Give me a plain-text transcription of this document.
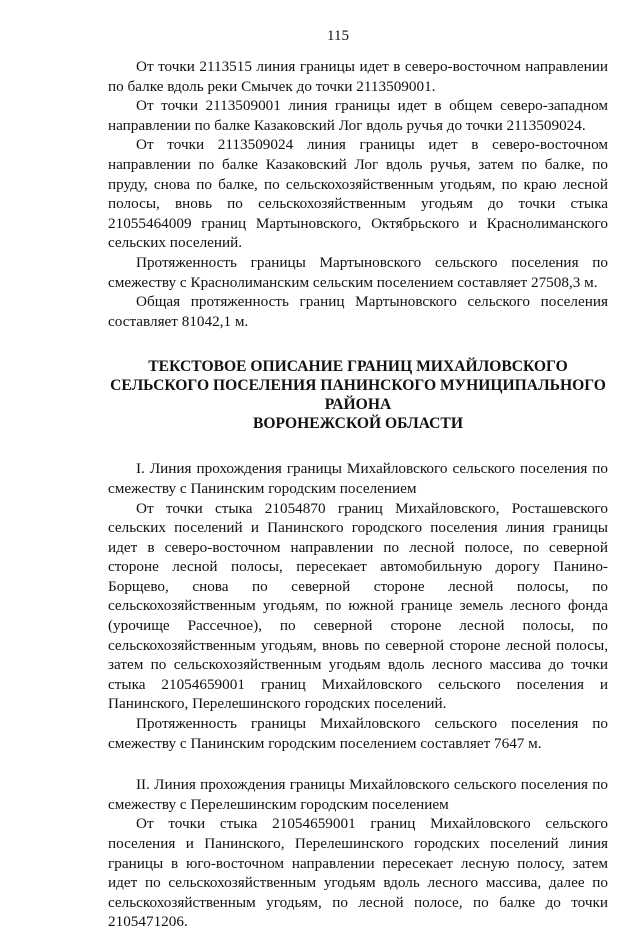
115

От точки 2113515 линия границы идет в северо-восточном направлении по балке вдоль реки Смычек до точки 2113509001.

От точки 2113509001 линия границы идет в общем северо-западном направлении по балке Казаковский Лог вдоль ручья до точки 2113509024.

От точки 2113509024 линия границы идет в северо-восточном направлении по балке Казаковский Лог вдоль ручья, затем по балке, по пруду, снова по балке, по сельскохозяйственным угодьям, по краю лесной полосы, вновь по сельскохозяйственным угодьям до точки стыка 21055464009 границ Мартыновского, Октябрьского и Краснолиманского сельских поселений.

Протяженность границы Мартыновского сельского поселения по смежеству с Краснолиманским сельским поселением составляет 27508,3 м.

Общая протяженность границ Мартыновского сельского поселения составляет 81042,1 м.

ТЕКСТОВОЕ ОПИСАНИЕ ГРАНИЦ МИХАЙЛОВСКОГО
СЕЛЬСКОГО ПОСЕЛЕНИЯ ПАНИНСКОГО МУНИЦИПАЛЬНОГО
РАЙОНА
ВОРОНЕЖСКОЙ ОБЛАСТИ

I. Линия прохождения границы Михайловского сельского поселения по смежеству с Панинским городским поселением

От точки стыка 21054870 границ Михайловского, Росташевского сельских поселений и Панинского городского поселения линия границы идет в северо-восточном направлении по лесной полосе, по северной стороне лесной полосы, пересекает автомобильную дорогу Панино-Борщево, снова по северной стороне лесной полосы, по сельскохозяйственным угодьям, по южной границе земель лесного фонда (урочище Рассечное), по северной стороне лесной полосы, по сельскохозяйственным угодьям, вновь по северной стороне лесной полосы, затем по сельскохозяйственным угодьям вдоль лесного массива до точки стыка 21054659001 границ Михайловского сельского поселения и Панинского, Перелешинского городских поселений.

Протяженность границы Михайловского сельского поселения по смежеству с Панинским городским поселением составляет 7647 м.

II. Линия прохождения границы Михайловского сельского поселения по смежеству с Перелешинским городским поселением

От точки стыка 21054659001 границ Михайловского сельского поселения и Панинского, Перелешинского городских поселений линия границы в юго-восточном направлении пересекает лесную полосу, затем идет по сельскохозяйственным угодьям вдоль лесного массива, далее по сельскохозяйственным угодьям, по лесной полосе, по балке до точки 2105471206.
